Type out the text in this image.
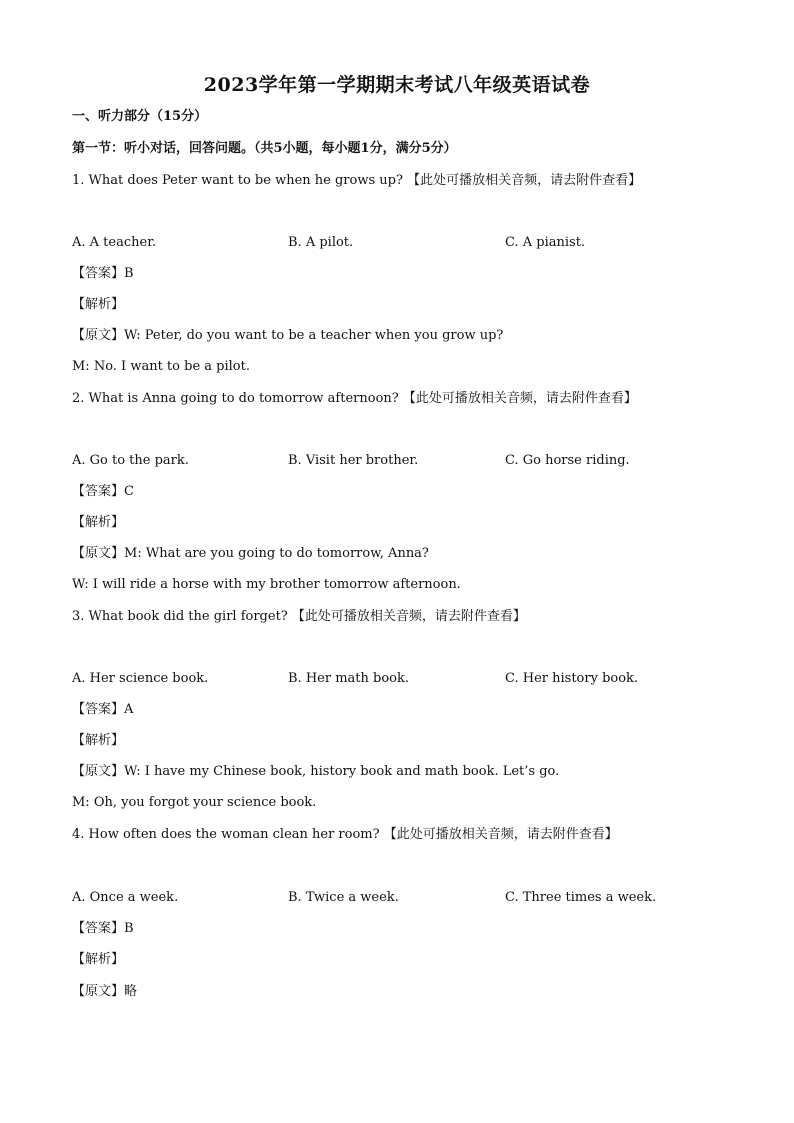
2023学年第一学期期末考试八年级英语试卷
一、听力部分（15分）
第一节：听小对话，回答问题。（共5小题，每小题1分，满分5分）
1. What does Peter want to be when he grows up? 【此处可播放相关音频，请去附件查看】
A. A teacher.	B. A pilot.	C. A pianist.
【答案】B
【解析】
【原文】W: Peter, do you want to be a teacher when you grow up?
M: No. I want to be a pilot.
2. What is Anna going to do tomorrow afternoon? 【此处可播放相关音频，请去附件查看】
A. Go to the park.	B. Visit her brother.	C. Go horse riding.
【答案】C
【解析】
【原文】M: What are you going to do tomorrow, Anna?
W: I will ride a horse with my brother tomorrow afternoon.
3. What book did the girl forget? 【此处可播放相关音频，请去附件查看】
A. Her science book.	B. Her math book.	C. Her history book.
【答案】A
【解析】
【原文】W: I have my Chinese book, history book and math book. Let’s go.
M: Oh, you forgot your science book.
4. How often does the woman clean her room? 【此处可播放相关音频，请去附件查看】
A. Once a week.	B. Twice a week.	C. Three times a week.
【答案】B
【解析】
【原文】略
